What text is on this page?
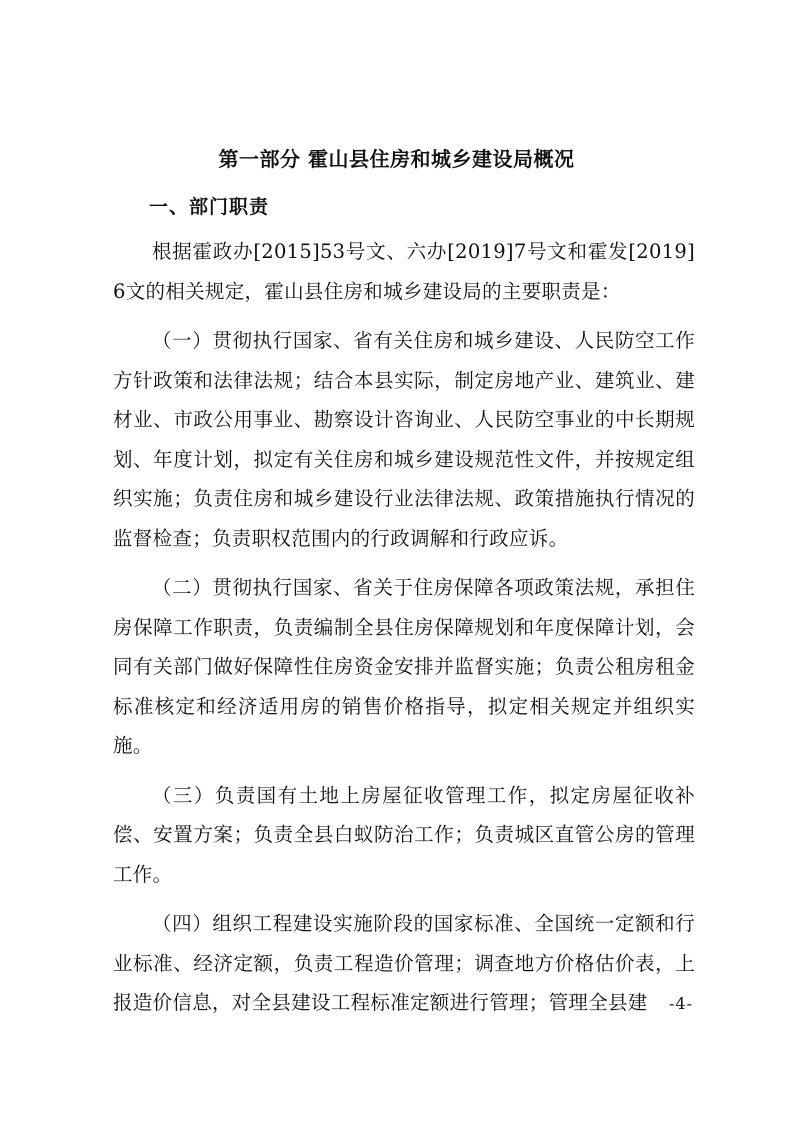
第一部分 霍山县住房和城乡建设局概况
一、部门职责

根据霍政办[2015]53号文、六办[2019]7号文和霍发[2019]6文的相关规定，霍山县住房和城乡建设局的主要职责是：

（一）贯彻执行国家、省有关住房和城乡建设、人民防空工作方针政策和法律法规；结合本县实际，制定房地产业、建筑业、建材业、市政公用事业、勘察设计咨询业、人民防空事业的中长期规划、年度计划，拟定有关住房和城乡建设规范性文件，并按规定组织实施；负责住房和城乡建设行业法律法规、政策措施执行情况的监督检查；负责职权范围内的行政调解和行政应诉。

（二）贯彻执行国家、省关于住房保障各项政策法规，承担住房保障工作职责，负责编制全县住房保障规划和年度保障计划，会同有关部门做好保障性住房资金安排并监督实施；负责公租房租金标准核定和经济适用房的销售价格指导，拟定相关规定并组织实施。

（三）负责国有土地上房屋征收管理工作，拟定房屋征收补偿、安置方案；负责全县白蚁防治工作；负责城区直管公房的管理工作。

（四）组织工程建设实施阶段的国家标准、全国统一定额和行业标准、经济定额，负责工程造价管理；调查地方价格估价表，上报造价信息，对全县建设工程标准定额进行管理；管理全县建	-4-
